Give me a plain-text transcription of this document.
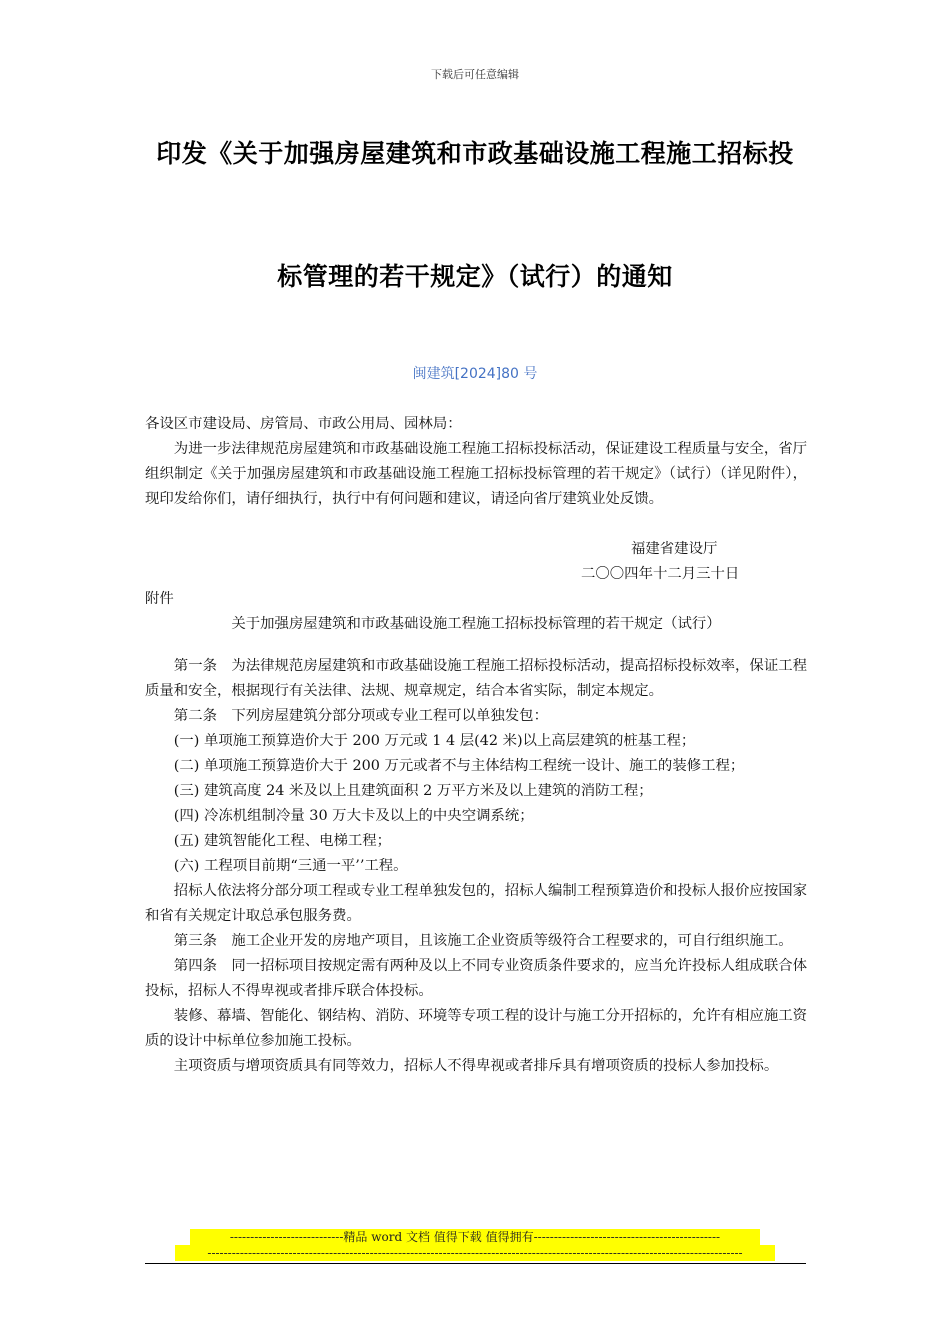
下载后可任意编辑
印发《关于加强房屋建筑和市政基础设施工程施工招标投
标管理的若干规定》（试行）的通知
闽建筑[2024]80 号

各设区市建设局、房管局、市政公用局、园林局：

为进一步法律规范房屋建筑和市政基础设施工程施工招标投标活动，保证建设工程质量与安全，省厅组织制定《关于加强房屋建筑和市政基础设施工程施工招标投标管理的若干规定》（试行）（详见附件），现印发给你们，请仔细执行，执行中有何问题和建议，请迳向省厅建筑业处反馈。

福建省建设厅

二〇〇四年十二月三十日

附件

关于加强房屋建筑和市政基础设施工程施工招标投标管理的若干规定（试行）

第一条　为法律规范房屋建筑和市政基础设施工程施工招标投标活动，提高招标投标效率，保证工程质量和安全，根据现行有关法律、法规、规章规定，结合本省实际，制定本规定。

第二条　下列房屋建筑分部分项或专业工程可以单独发包：

(一) 单项施工预算造价大于 200 万元或 1 4 层(42 米)以上高层建筑的桩基工程；

(二) 单项施工预算造价大于 200 万元或者不与主体结构工程统一设计、施工的装修工程；

(三) 建筑高度 24 米及以上且建筑面积 2 万平方米及以上建筑的消防工程；

(四) 冷冻机组制冷量 30 万大卡及以上的中央空调系统；

(五) 建筑智能化工程、电梯工程；

(六) 工程项目前期“三通一平’’工程。

招标人依法将分部分项工程或专业工程单独发包的，招标人编制工程预算造价和投标人报价应按国家和省有关规定计取总承包服务费。

第三条　施工企业开发的房地产项目，且该施工企业资质等级符合工程要求的，可自行组织施工。

第四条　同一招标项目按规定需有两种及以上不同专业资质条件要求的，应当允许投标人组成联合体投标，招标人不得卑视或者排斥联合体投标。

装修、幕墙、智能化、钢结构、消防、环境等专项工程的设计与施工分开招标的，允许有相应施工资质的设计中标单位参加施工投标。

主项资质与增项资质具有同等效力，招标人不得卑视或者排斥具有增项资质的投标人参加投标。

----------------------------精品 word 文档 值得下载 值得拥有----------------------------------------------
------------------------------------------------------------------------------------------------------------------------------------
